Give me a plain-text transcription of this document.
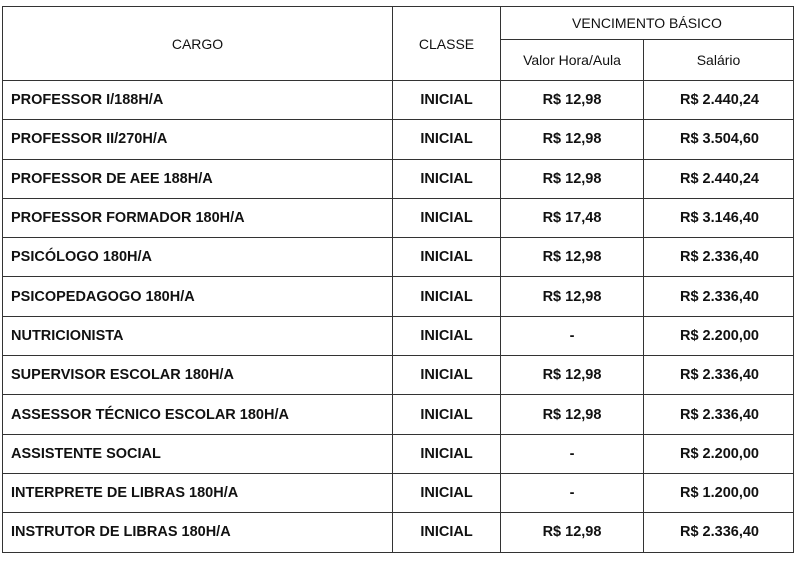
CARGO	CLASSE	VENCIMENTO BÁSICO	
		Valor Hora/Aula	Salário
PROFESSOR I/188H/A	INICIAL	R$ 12,98	R$ 2.440,24
PROFESSOR II/270H/A	INICIAL	R$ 12,98	R$ 3.504,60
PROFESSOR DE AEE 188H/A	INICIAL	R$ 12,98	R$ 2.440,24
PROFESSOR FORMADOR 180H/A	INICIAL	R$ 17,48	R$ 3.146,40
PSICÓLOGO 180H/A	INICIAL	R$ 12,98	R$ 2.336,40
PSICOPEDAGOGO 180H/A	INICIAL	R$ 12,98	R$ 2.336,40
NUTRICIONISTA	INICIAL	-	R$ 2.200,00
SUPERVISOR ESCOLAR 180H/A	INICIAL	R$ 12,98	R$ 2.336,40
ASSESSOR TÉCNICO ESCOLAR 180H/A	INICIAL	R$ 12,98	R$ 2.336,40
ASSISTENTE SOCIAL	INICIAL	-	R$ 2.200,00
INTERPRETE DE LIBRAS 180H/A	INICIAL	-	R$ 1.200,00
INSTRUTOR DE LIBRAS 180H/A	INICIAL	R$ 12,98	R$ 2.336,40
